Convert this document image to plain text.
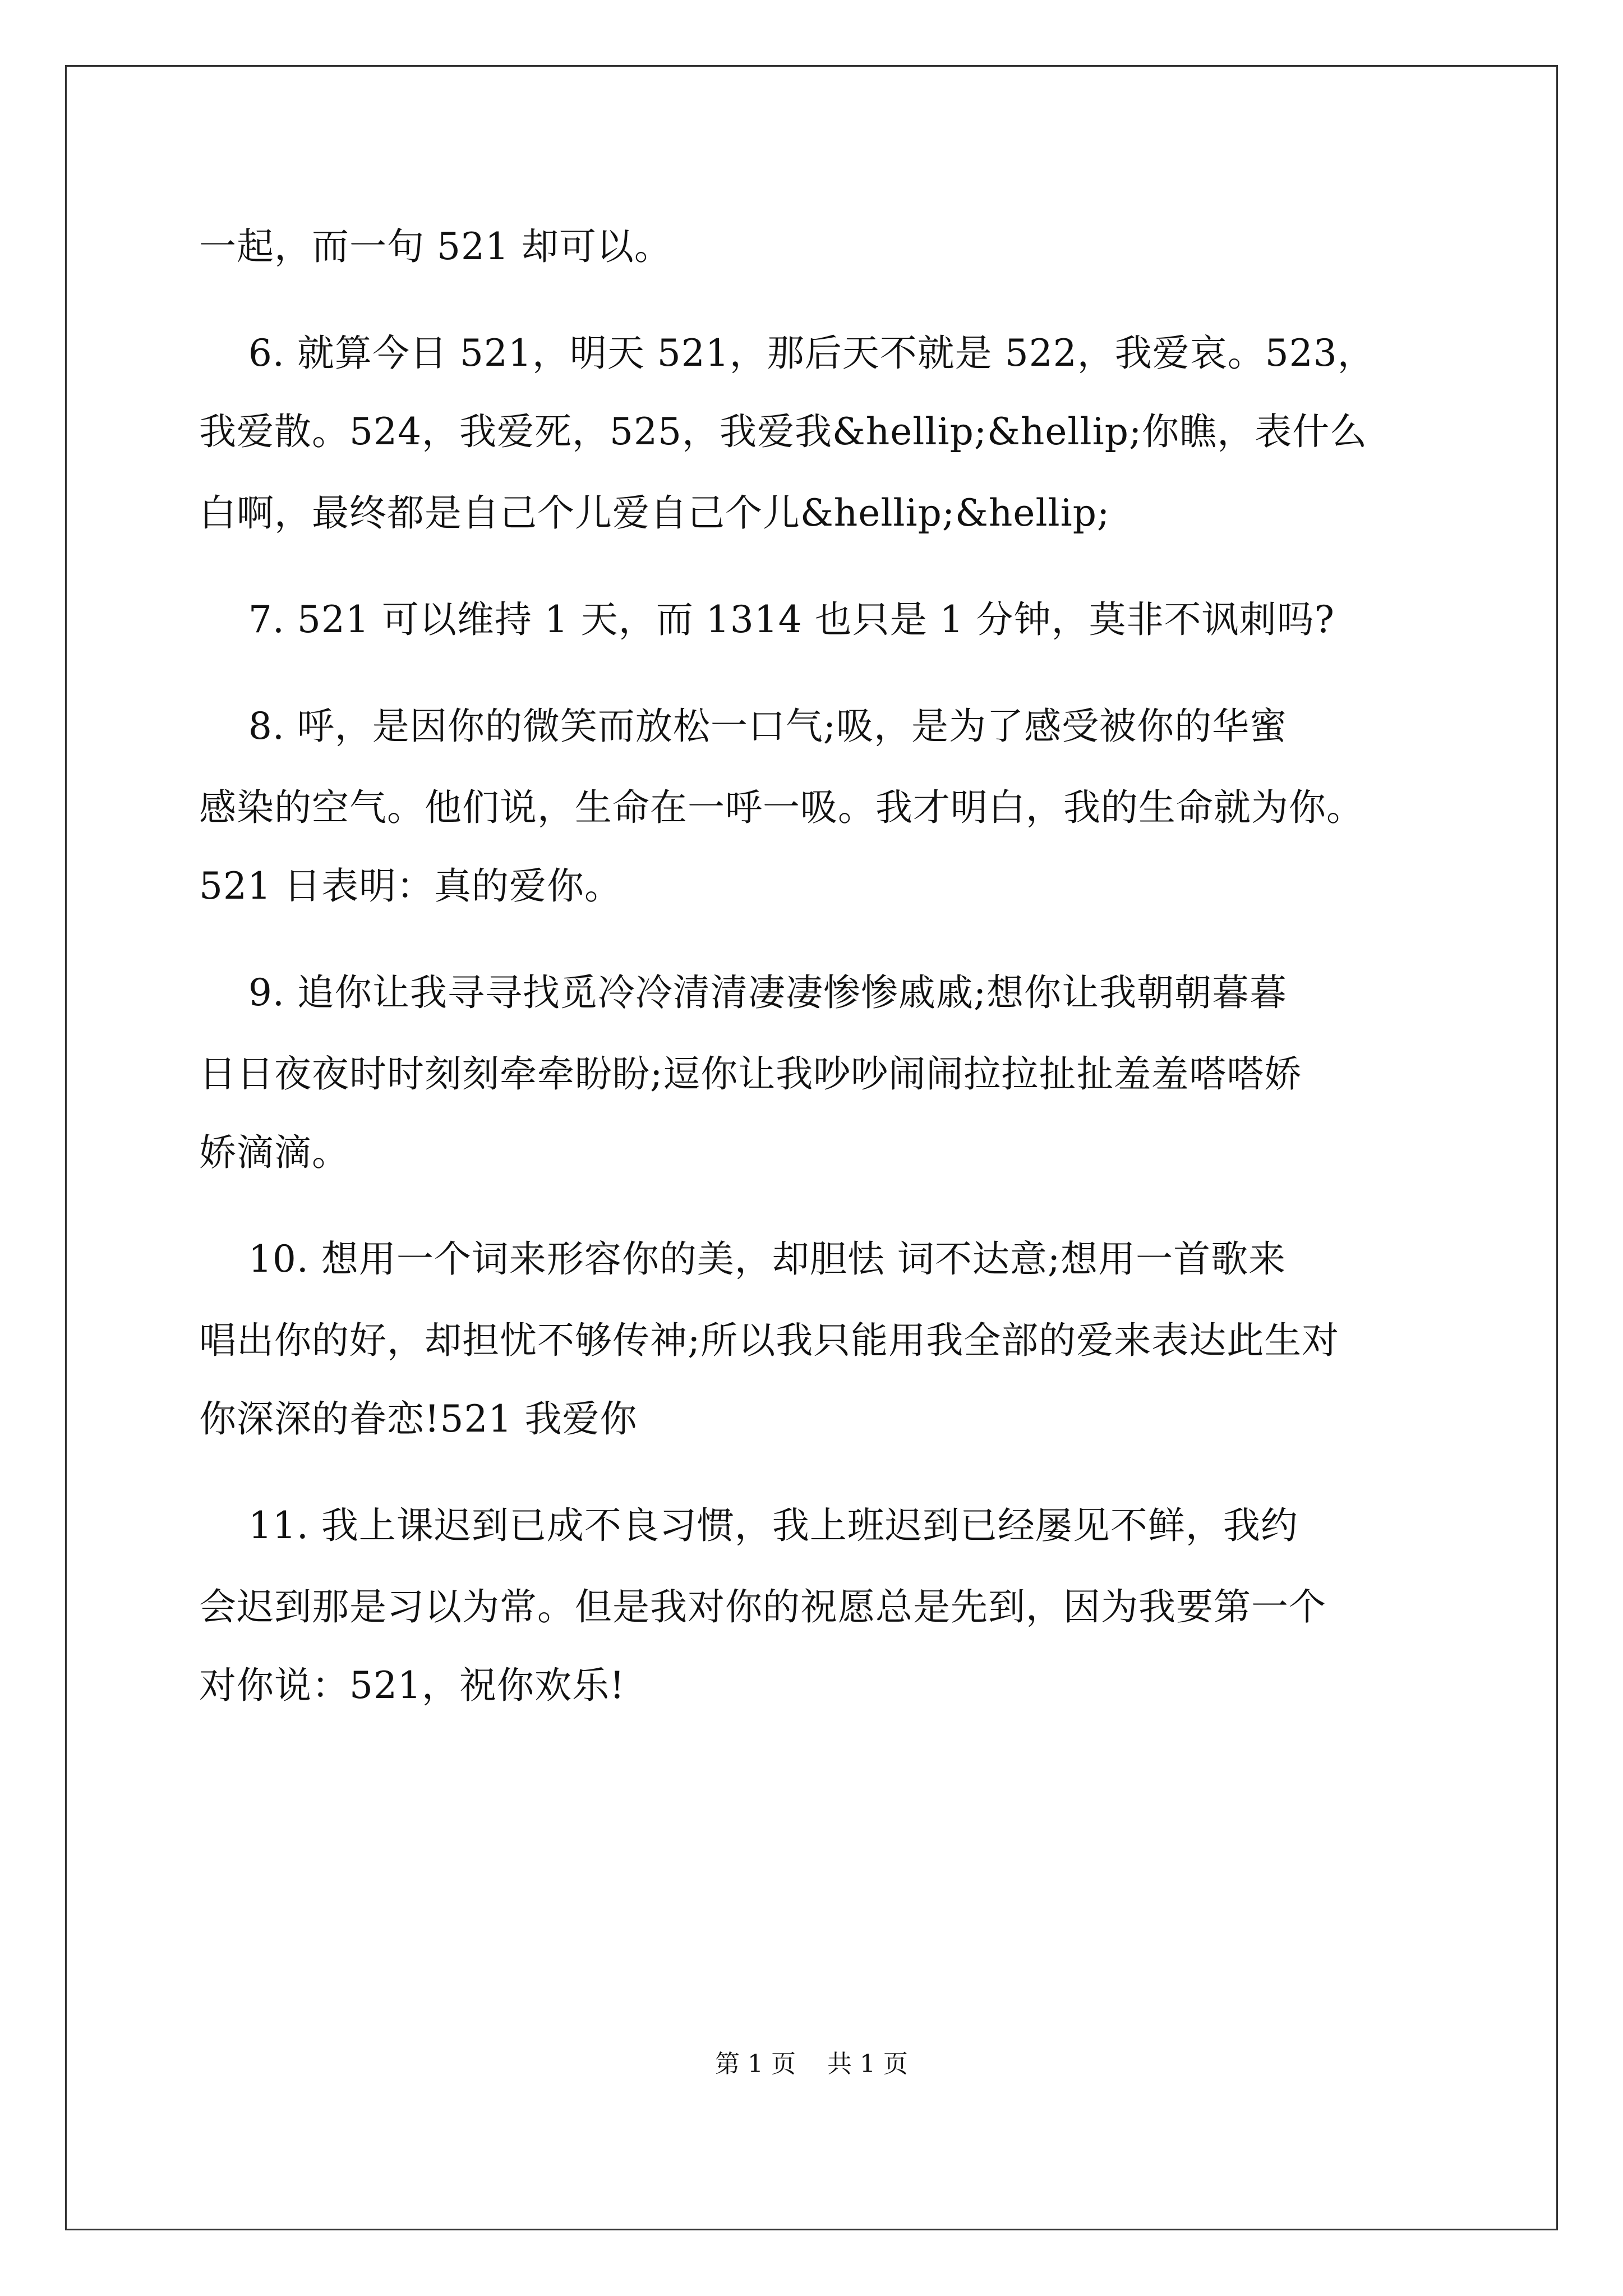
一起，而一句 521 却可以。
6. 就算今日 521，明天 521，那后天不就是 522，我爱哀。523，
我爱散。524，我爱死，525，我爱我&hellip;&hellip;你瞧，表什么
白啊，最终都是自己个儿爱自己个儿&hellip;&hellip;
7. 521 可以维持 1 天，而 1314 也只是 1 分钟，莫非不讽刺吗?
8. 呼，是因你的微笑而放松一口气;吸，是为了感受被你的华蜜
感染的空气。他们说，生命在一呼一吸。我才明白，我的生命就为你。
521 日表明：真的爱你。
9. 追你让我寻寻找觅冷冷清清凄凄惨惨戚戚;想你让我朝朝暮暮
日日夜夜时时刻刻牵牵盼盼;逗你让我吵吵闹闹拉拉扯扯羞羞嗒嗒娇
娇滴滴。
10. 想用一个词来形容你的美，却胆怯 词不达意;想用一首歌来
唱出你的好，却担忧不够传神;所以我只能用我全部的爱来表达此生对
你深深的眷恋!521 我爱你
11. 我上课迟到已成不良习惯，我上班迟到已经屡见不鲜，我约
会迟到那是习以为常。但是我对你的祝愿总是先到，因为我要第一个
对你说：521，祝你欢乐!
第 1 页    共 1 页
